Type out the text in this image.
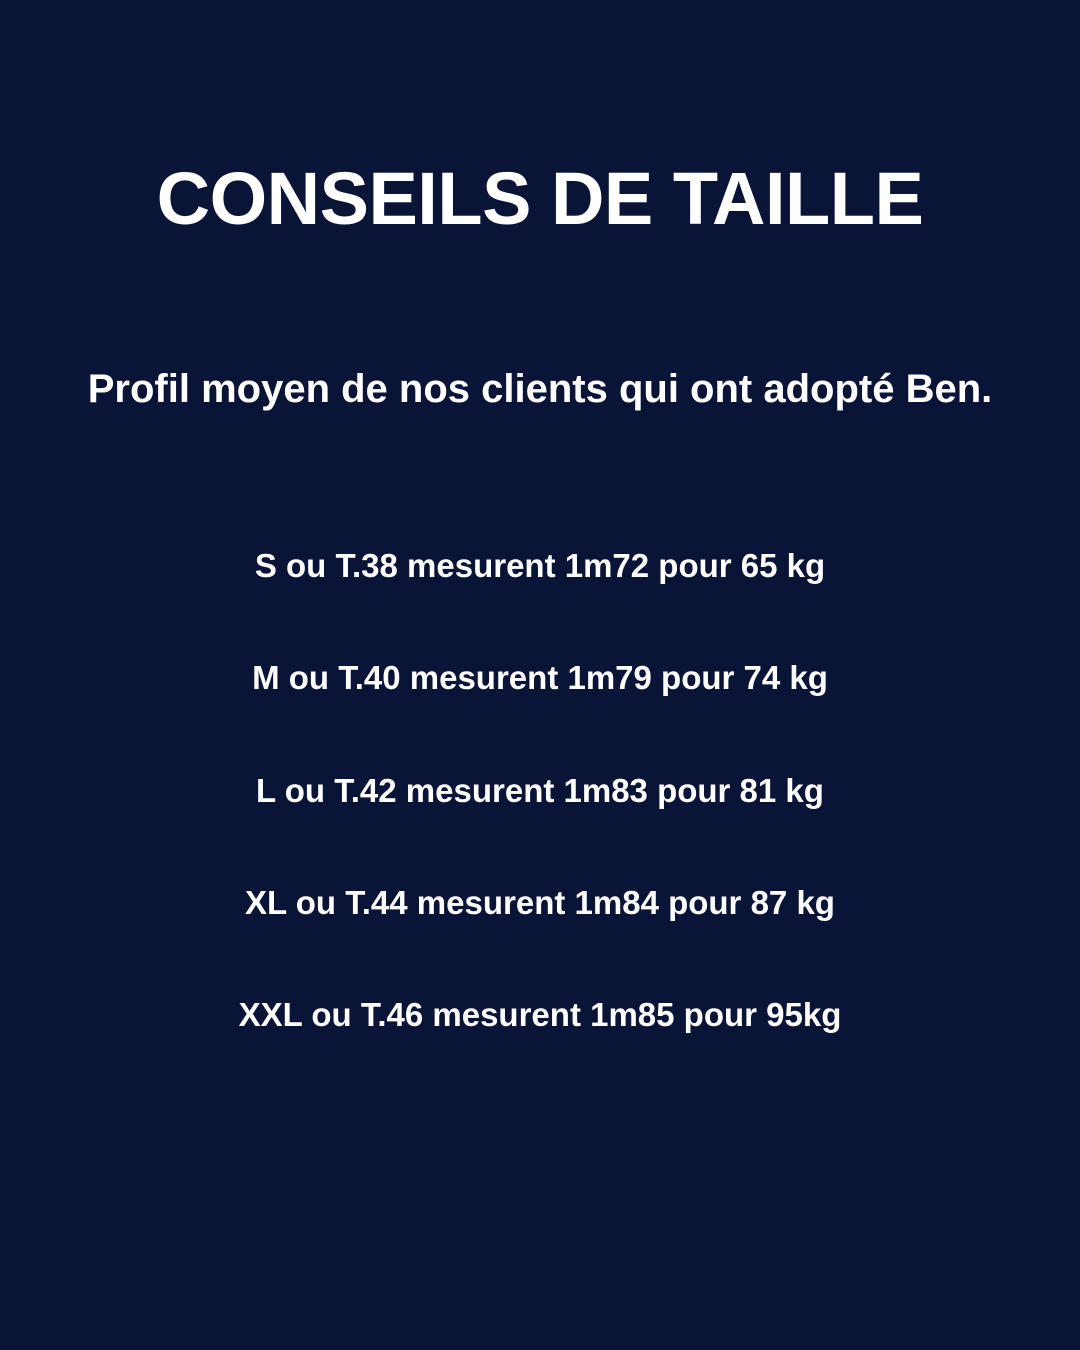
CONSEILS DE TAILLE

Profil moyen de nos clients qui ont adopté Ben.

S ou T.38 mesurent 1m72 pour 65 kg
M ou T.40 mesurent 1m79 pour 74 kg
L ou T.42 mesurent 1m83 pour 81 kg
XL ou T.44 mesurent 1m84 pour 87 kg
XXL ou T.46 mesurent 1m85 pour 95kg
